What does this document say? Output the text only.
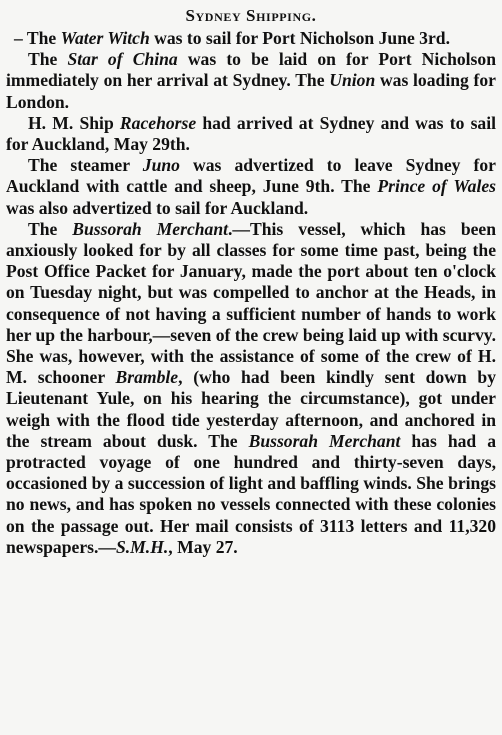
Sydney Shipping.

– The Water Witch was to sail for Port Nicholson June 3rd.

The Star of China was to be laid on for Port Nicholson immediately on her arrival at Sydney. The Union was loading for London.

H. M. Ship Racehorse had arrived at Sydney and was to sail for Auckland, May 29th.

The steamer Juno was advertized to leave Sydney for Auckland with cattle and sheep, June 9th. The Prince of Wales was also advertized to sail for Auckland.

The Bussorah Merchant.—This vessel, which has been anxiously looked for by all classes for some time past, being the Post Office Packet for January, made the port about ten o'clock on Tuesday night, but was compelled to anchor at the Heads, in consequence of not having a sufficient number of hands to work her up the harbour,—seven of the crew being laid up with scurvy. She was, however, with the assistance of some of the crew of H. M. schooner Bramble, (who had been kindly sent down by Lieutenant Yule, on his hearing the circumstance), got under weigh with the flood tide yesterday afternoon, and anchored in the stream about dusk. The Bussorah Merchant has had a protracted voyage of one hundred and thirty-seven days, occasioned by a succession of light and baffling winds. She brings no news, and has spoken no vessels connected with these colonies on the passage out. Her mail consists of 3113 letters and 11,320 newspapers.—S.M.H., May 27.
